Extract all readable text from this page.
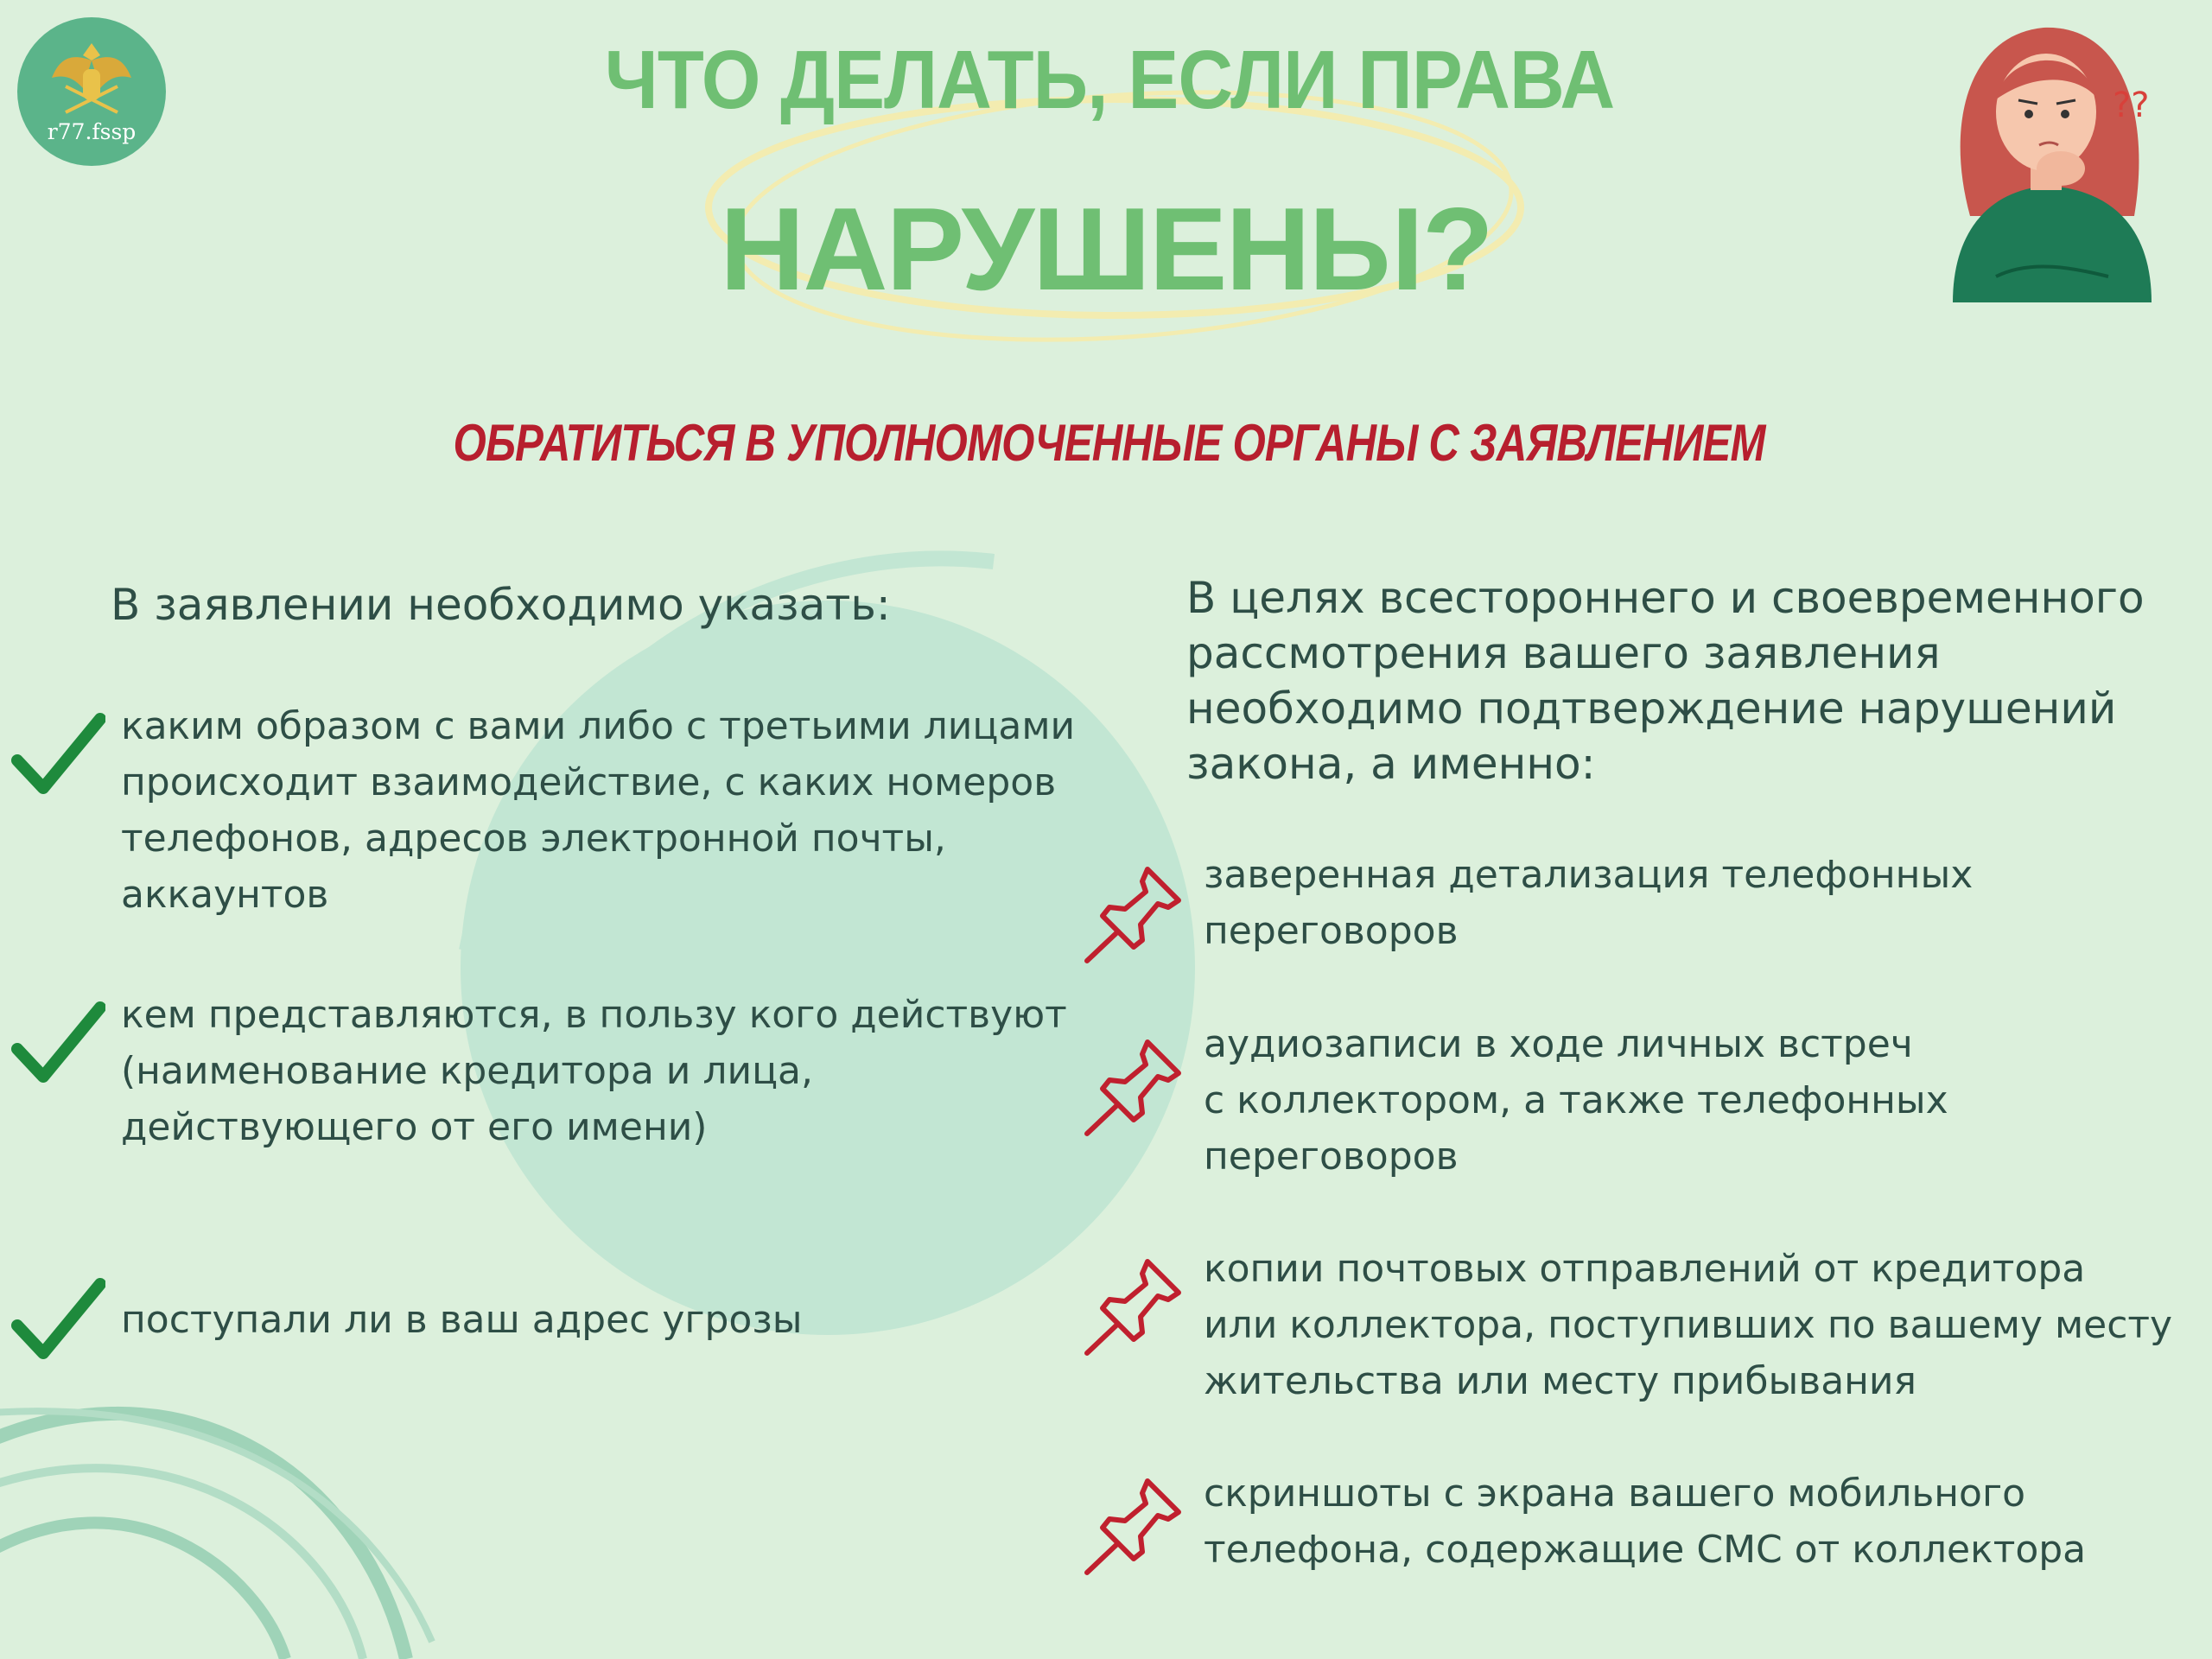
r77.fssp
ЧТО ДЕЛАТЬ, ЕСЛИ ПРАВА
НАРУШЕНЫ?
??
ОБРАТИТЬСЯ В УПОЛНОМОЧЕННЫЕ ОРГАНЫ С ЗАЯВЛЕНИЕМ
В заявлении необходимо указать:
каким образом с вами либо с третьими лицами
происходит взаимодействие, с каких номеров
телефонов, адресов электронной почты,
аккаунтов
кем представляются, в пользу кого действуют
(наименование кредитора и лица,
действующего от его имени)
поступали ли в ваш адрес угрозы
В целях всестороннего и своевременного
рассмотрения вашего заявления
необходимо подтверждение нарушений
закона, а именно:
заверенная детализация телефонных
переговоров
аудиозаписи в ходе личных встреч
с коллектором, а также телефонных
переговоров
копии почтовых отправлений от кредитора
или коллектора, поступивших по вашему месту
жительства или месту прибывания
скриншоты с экрана вашего мобильного
телефона, содержащие СМС от коллектора
